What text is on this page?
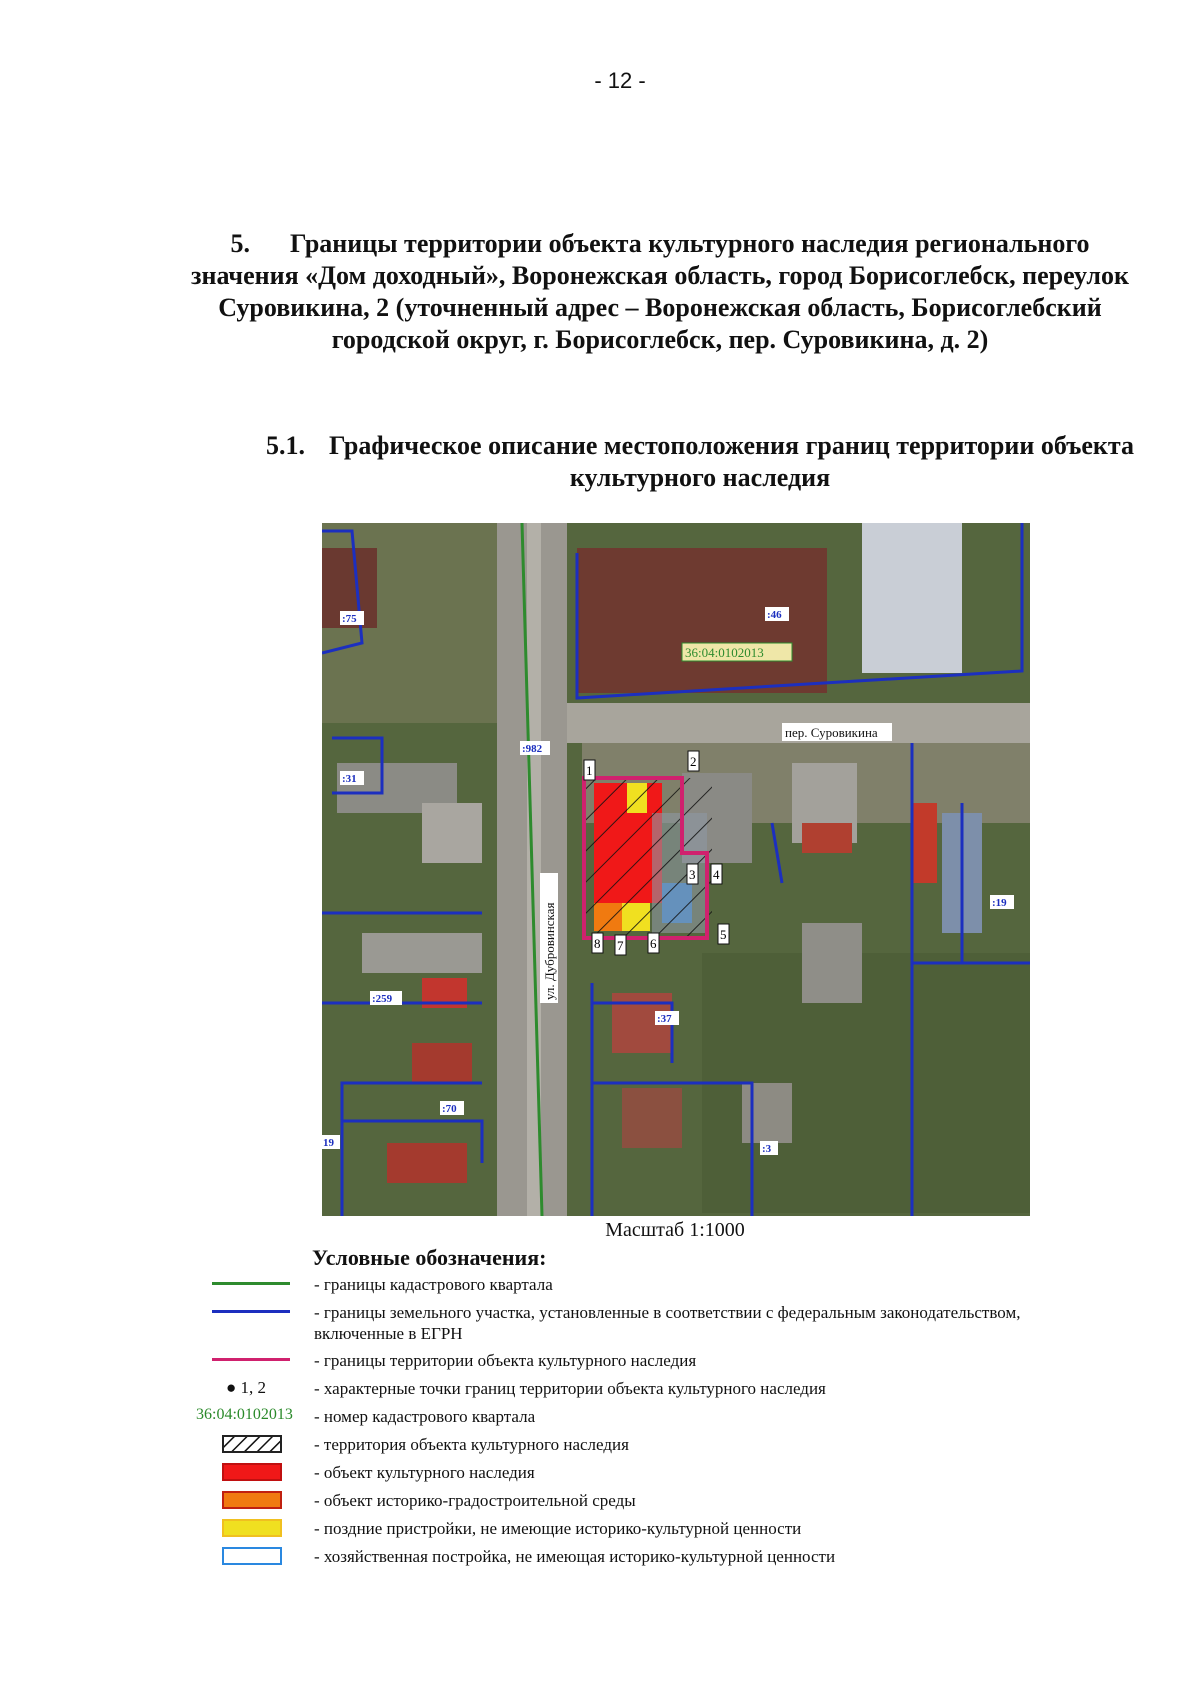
- 12 -
5. Границы территории объекта культурного наследия регионального значения «Дом доходный», Воронежская область, город Борисоглебск, переулок Суровикина, 2 (уточненный адрес – Воронежская область, Борисоглебский городской округ, г. Борисоглебск, пер. Суровикина, д. 2)
5.1. Графическое описание местоположения границ территории объекта культурного наследия
1
2
3 4
5
6
7
8
36:04:0102013
пер. Суровикина
ул. Дубровинская
:75	:46
:31
:982
:19
:259
:37
:70
19	:3
Масштаб 1:1000
Условные обозначения:
- границы кадастрового квартала
- границы земельного участка, установленные в соответствии с федеральным законодательством, включенные в ЕГРН
- границы территории объекта культурного наследия
● 1, 2	- характерные точки границ территории объекта культурного наследия
36:04:0102013 - номер кадастрового квартала
- территория объекта культурного наследия
- объект культурного наследия
- объект историко-градостроительной среды
- поздние пристройки, не имеющие историко-культурной ценности
- хозяйственная постройка, не имеющая историко-культурной ценности
